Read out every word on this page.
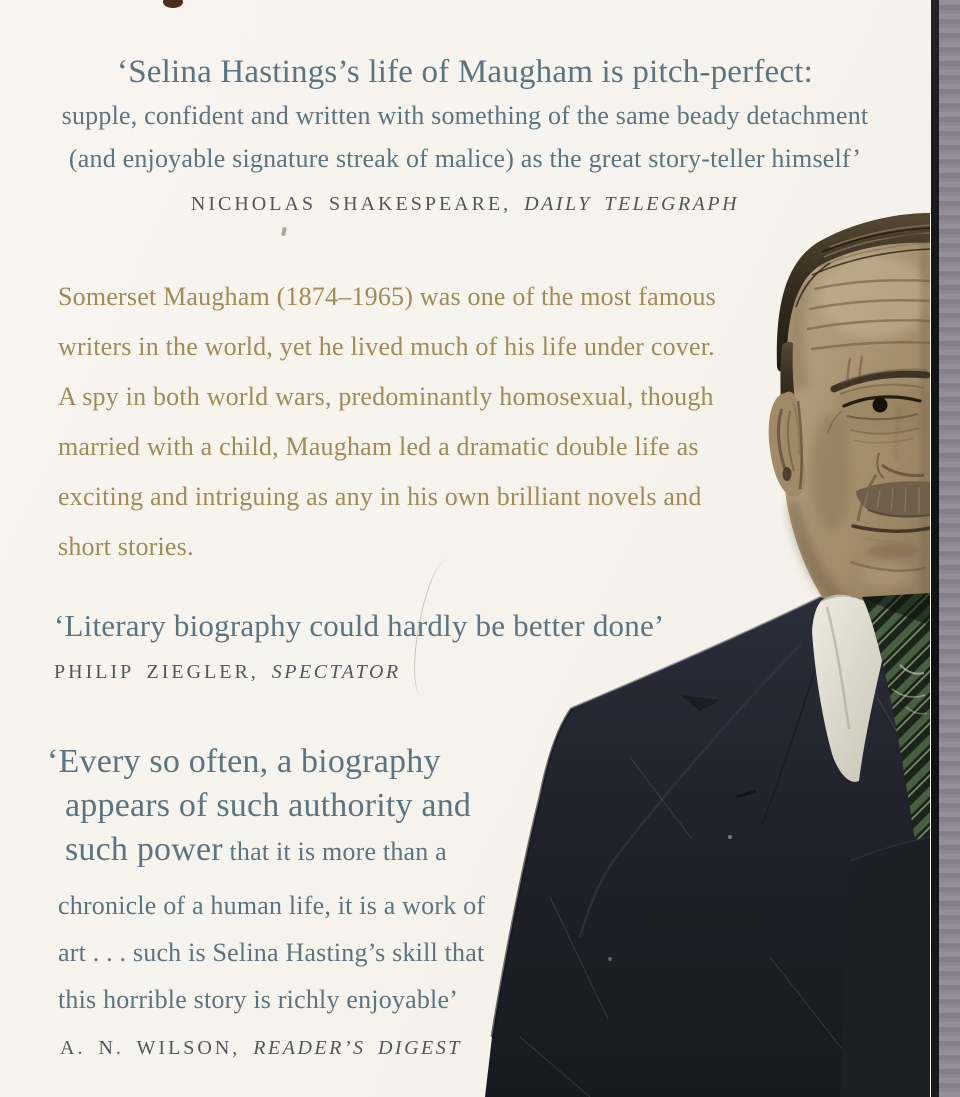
‘Selina Hastings’s life of Maugham is pitch-perfect:
supple, confident and written with something of the same beady detachment
(and enjoyable signature streak of malice) as the great story-teller himself’
NICHOLAS SHAKESPEARE, DAILY TELEGRAPH
Somerset Maugham (1874–1965) was one of the most famous
writers in the world, yet he lived much of his life under cover.
A spy in both world wars, predominantly homosexual, though
married with a child, Maugham led a dramatic double life as
exciting and intriguing as any in his own brilliant novels and
short stories.
‘Literary biography could hardly be better done’
PHILIP ZIEGLER, SPECTATOR
‘Every so often, a biography
appears of such authority and
such power that it is more than a
chronicle of a human life, it is a work of
art . . . such is Selina Hasting’s skill that
this horrible story is richly enjoyable’
A. N. WILSON, READER’S DIGEST
